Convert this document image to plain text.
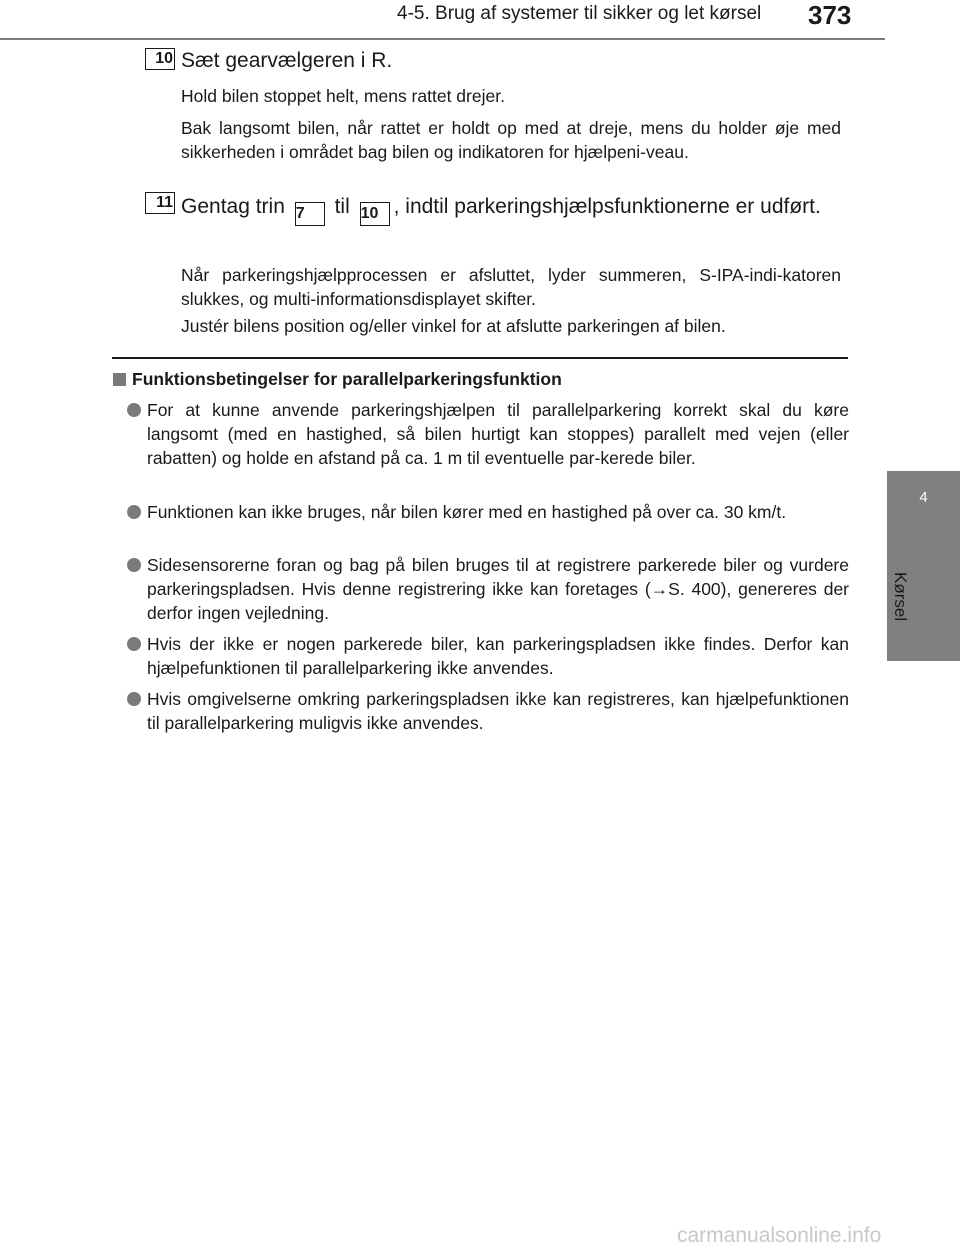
4-5. Brug af systemer til sikker og let kørsel 373
4
Kørsel
10 Sæt gearvælgeren i R.
Hold bilen stoppet helt, mens rattet drejer.
Bak langsomt bilen, når rattet er holdt op med at dreje, mens du holder øje med sikkerheden i området bag bilen og indikatoren for hjælpeni-veau.
11 Gentag trin 7 til 10 , indtil parkeringshjælpsfunktionerne er udført.
Når parkeringshjælpprocessen er afsluttet, lyder summeren, S-IPA-indi-katoren slukkes, og multi-informationsdisplayet skifter.
Justér bilens position og/eller vinkel for at afslutte parkeringen af bilen.
Funktionsbetingelser for parallelparkeringsfunktion
For at kunne anvende parkeringshjælpen til parallelparkering korrekt skal du køre langsomt (med en hastighed, så bilen hurtigt kan stoppes) parallelt med vejen (eller rabatten) og holde en afstand på ca. 1 m til eventuelle par-kerede biler.
Funktionen kan ikke bruges, når bilen kører med en hastighed på over ca. 30 km/t.
Sidesensorerne foran og bag på bilen bruges til at registrere parkerede biler og vurdere parkeringspladsen. Hvis denne registrering ikke kan foretages (→S. 400), genereres der derfor ingen vejledning.
Hvis der ikke er nogen parkerede biler, kan parkeringspladsen ikke findes. Derfor kan hjælpefunktionen til parallelparkering ikke anvendes.
Hvis omgivelserne omkring parkeringspladsen ikke kan registreres, kan hjælpefunktionen til parallelparkering muligvis ikke anvendes.
carmanualsonline.info
